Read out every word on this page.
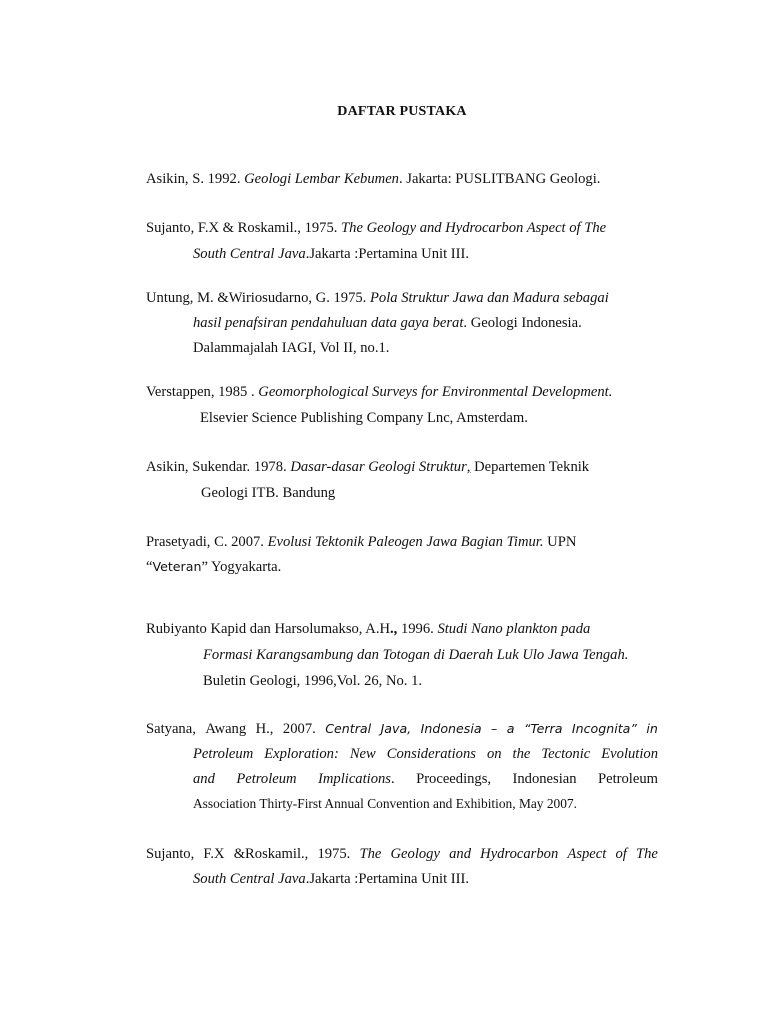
DAFTAR PUSTAKA
Asikin, S. 1992. Geologi Lembar Kebumen. Jakarta: PUSLITBANG Geologi.
Sujanto, F.X & Roskamil., 1975. The Geology and Hydrocarbon Aspect of The
South Central Java.Jakarta :Pertamina Unit III.
Untung, M. &Wiriosudarno, G. 1975. Pola Struktur Jawa dan Madura sebagai
hasil penafsiran pendahuluan data gaya berat. Geologi Indonesia.
Dalammajalah IAGI, Vol II, no.1.
Verstappen, 1985 . Geomorphological Surveys for Environmental Development.
Elsevier Science Publishing Company Lnc, Amsterdam.
Asikin, Sukendar. 1978. Dasar-dasar Geologi Struktur, Departemen Teknik
Geologi ITB. Bandung
Prasetyadi, C. 2007. Evolusi Tektonik Paleogen Jawa Bagian Timur. UPN
“Veteran” Yogyakarta.
Rubiyanto Kapid dan Harsolumakso, A.H., 1996. Studi Nano plankton pada
Formasi Karangsambung dan Totogan di Daerah Luk Ulo Jawa Tengah.
Buletin Geologi, 1996,Vol. 26, No. 1.
Satyana, Awang H., 2007. Central Java, Indonesia – a “Terra Incognita” in
Petroleum Exploration: New Considerations on the Tectonic Evolution
and Petroleum Implications. Proceedings, Indonesian Petroleum
Association Thirty-First Annual Convention and Exhibition, May 2007.
Sujanto, F.X &Roskamil., 1975. The Geology and Hydrocarbon Aspect of The
South Central Java.Jakarta :Pertamina Unit III.
